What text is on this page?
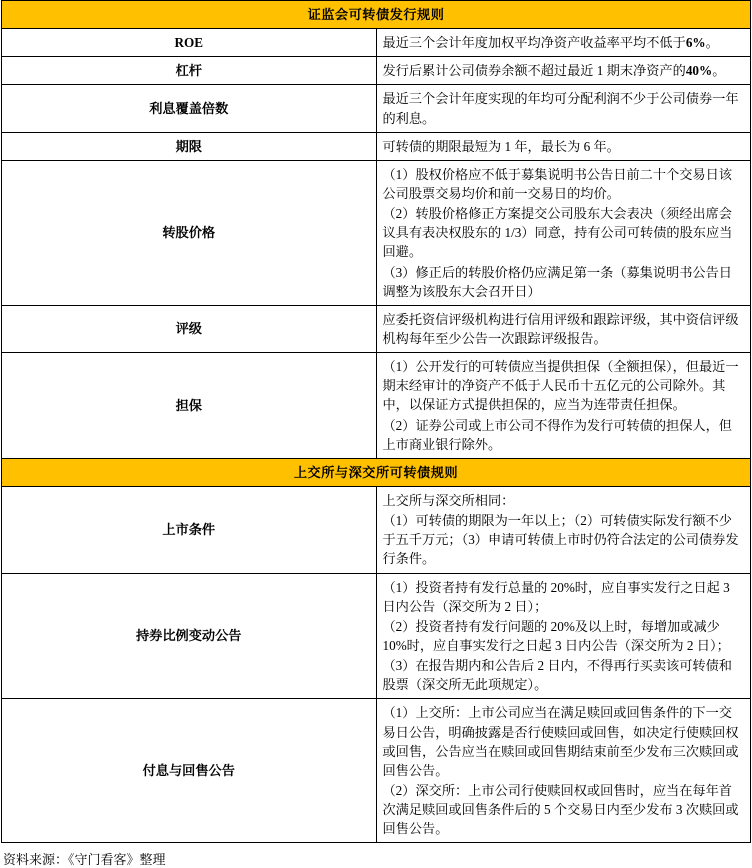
证监会可转债发行规则	
ROE	最近三个会计年度加权平均净资产收益率平均不低于6%。

杠杆	发行后累计公司债券余额不超过最近 1 期末净资产的40%。

利息覆盖倍数	最近三个会计年度实现的年均可分配利润不少于公司债券一年的利息。

期限	可转债的期限最短为 1 年，最长为 6 年。

转股价格	（1）股权价格应不低于募集说明书公告日前二十个交易日该公司股票交易均价和前一交易日的均价。

（2）转股价格修正方案提交公司股东大会表决（须经出席会议具有表决权股东的 1/3）同意，持有公司可转债的股东应当回避。

（3）修正后的转股价格仍应满足第一条（募集说明书公告日调整为该股东大会召开日）

评级	应委托资信评级机构进行信用评级和跟踪评级，其中资信评级机构每年至少公告一次跟踪评级报告。

担保	（1）公开发行的可转债应当提供担保（全额担保），但最近一期末经审计的净资产不低于人民币十五亿元的公司除外。其中，以保证方式提供担保的，应当为连带责任担保。

（2）证券公司或上市公司不得作为发行可转债的担保人，但上市商业银行除外。

上交所与深交所可转债规则	
上市条件	上交所与深交所相同：

（1）可转债的期限为一年以上；（2）可转债实际发行额不少于五千万元；（3）申请可转债上市时仍符合法定的公司债券发行条件。

持券比例变动公告	（1）投资者持有发行总量的 20%时，应自事实发行之日起 3 日内公告（深交所为 2 日）；

（2）投资者持有发行问题的 20%及以上时，每增加或减少 10%时，应自事实发行之日起 3 日内公告（深交所为 2 日）；

（3）在报告期内和公告后 2 日内，不得再行买卖该可转债和股票（深交所无此项规定）。

付息与回售公告	（1）上交所：上市公司应当在满足赎回或回售条件的下一交易日公告，明确披露是否行使赎回或回售，如决定行使赎回权或回售，公告应当在赎回或回售期结束前至少发布三次赎回或回售公告。

（2）深交所：上市公司行使赎回权或回售时，应当在每年首次满足赎回或回售条件后的 5 个交易日内至少发布 3 次赎回或回售公告。

资料来源：《守门看客》整理
